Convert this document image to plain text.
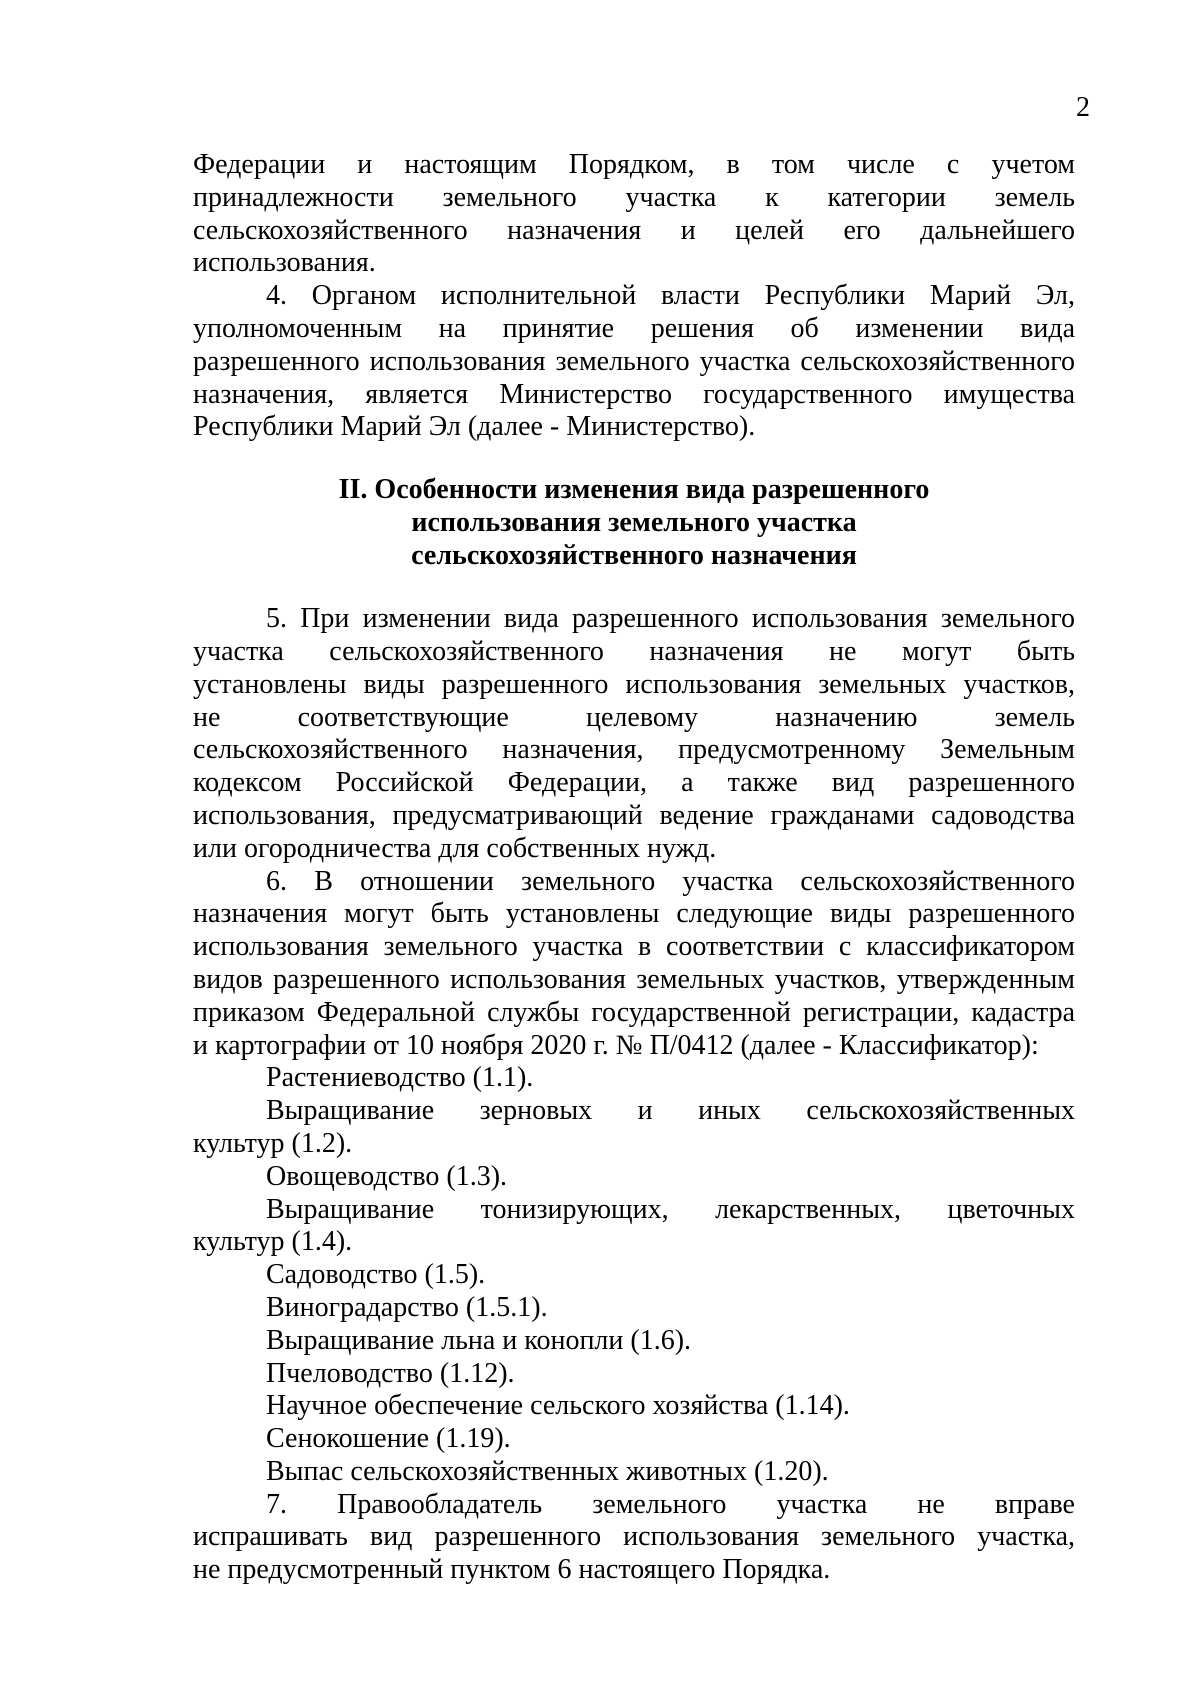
2
Федерации и настоящим Порядком, в том числе с учетом
принадлежности земельного участка к категории земель
сельскохозяйственного назначения и целей его дальнейшего
использования.
4. Органом исполнительной власти Республики Марий Эл,
уполномоченным на принятие решения об изменении вида
разрешенного использования земельного участка сельскохозяйственного
назначения, является Министерство государственного имущества
Республики Марий Эл (далее - Министерство).
II. Особенности изменения вида разрешенного
использования земельного участка
сельскохозяйственного назначения
5. При изменении вида разрешенного использования земельного
участка сельскохозяйственного назначения не могут быть
установлены виды разрешенного использования земельных участков,
не соответствующие целевому назначению земель
сельскохозяйственного назначения, предусмотренному Земельным
кодексом Российской Федерации, а также вид разрешенного
использования, предусматривающий ведение гражданами садоводства
или огородничества для собственных нужд.
6. В отношении земельного участка сельскохозяйственного
назначения могут быть установлены следующие виды разрешенного
использования земельного участка в соответствии с классификатором
видов разрешенного использования земельных участков, утвержденным
приказом Федеральной службы государственной регистрации, кадастра
и картографии от 10 ноября 2020 г. № П/0412 (далее - Классификатор):
Растениеводство (1.1).
Выращивание зерновых и иных сельскохозяйственных
культур (1.2).
Овощеводство (1.3).
Выращивание тонизирующих, лекарственных, цветочных
культур (1.4).
Садоводство (1.5).
Виноградарство (1.5.1).
Выращивание льна и конопли (1.6).
Пчеловодство (1.12).
Научное обеспечение сельского хозяйства (1.14).
Сенокошение (1.19).
Выпас сельскохозяйственных животных (1.20).
7. Правообладатель земельного участка не вправе
испрашивать вид разрешенного использования земельного участка,
не предусмотренный пунктом 6 настоящего Порядка.
